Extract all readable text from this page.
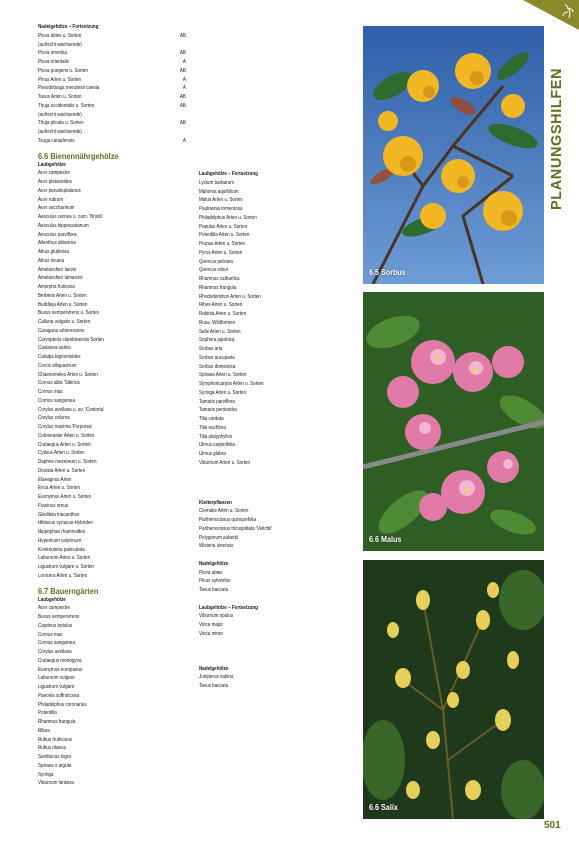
PLANUNGSHILFEN
Nadelgehölze – Fortsetzung
Picea abies u. Sorten	AB
(aufrecht wachsende)
Picea omorika	AB
Picea orientalis	A
Picea pungens u. Sorten	AB
Pinus Arten u. Sorten	A
Pseudotsuga menziesii caesia	A
Taxus Arten u. Sorten	AB
Thuja occidentalis u. Sorten	AB
(aufrecht wachsende)
Thuja plicata u. Sorten	AB
(aufrecht wachsende)
Tsuga canadensis	A
6.6 Bienennährgehölze
Laubgehölze
Acer campestre
Acer platanoides
Acer pseudoplatanus
Acer rubrum
Acer saccharinum
Aesculus carnea u. carn. 'Briotii'
Aesculus hippocastanum
Aesculus parviflora
Ailanthus altissima
Alnus glutinosa
Alnus incana
Amelanchier laevis
Amelanchier lamarckii
Amorpha fruticosa
Berberis Arten u. Sorten
Buddleja Arten u. Sorten
Buxus sempervirens u. Sorten
Calluna vulgaris u. Sorten
Caragana arborescens
Caryopteris clandonensis Sorten
Castanea sativa
Catalpa bignonioides
Cercis siliquastrum
Chaenomeles Arten u. Sorten
Cornus alba 'Sibirica
Cornus mas
Cornus sanguinea
Corylus avellana u. av. 'Contorta'
Corylus colurna
Corylus maxima 'Purpurea'
Cotoneaster Arten u. Sorten
Crataegus Arten u. Sorten
Cytisus Arten u. Sorten
Daphne mezereum u. Sorten
Deutzia Arten u. Sorten
Elaeagnus Arten
Erica Arten u. Sorten
Euonymus Arten u. Sorten
Fraxinus ornus
Gleditsia triacanthos
Hibiscus syriacus-Hybriden
Hippophae rhamnoides
Hypericum calycinum
Koelreuteria paniculata
Laburnum Arten u. Sorten
Ligustrum vulgare u. Sorten
Lonicera Arten u. Sorten
6.7 Bauerngärten
Laubgehölze
Acer campestre
Buxus sempervirens
Carpinus betulus
Cornus mas
Cornus sanguinea
Corylus avellana
Crataegus monogyna
Euonymus europaeus
Laburnum vulgare
Ligustrum vulgare
Paeonia suffruticosa
Philadelphus coronarius
Potentilla
Rhamnus frangula
Ribes
Rubus fruticosus
Rubus idaeus
Sambucus nigra
Spiraea x arguta
Syringa
Viburnum lantana
Laubgehölze – Fortsetzung
Lycium barbarum
Mahonia aquifolium
Malus Arten u. Sorten
Paulownia tomentosa
Philadelphus Arten u. Sorten
Populus Arten u. Sorten
Potentilla Arten u. Sorten
Prunus Arten u. Sorten
Pyrus Arten u. Sorten
Quercus petraea
Quercus robur
Rhamnus cathartica
Rhamnus frangula
Rhododendron Arten u. Sorten
Ribes Arten u. Sorten
Robinia Arten u. Sorten
Rosa, Wildformen
Salix Arten u. Sorten
Sophora japonica
Sorbus aria
Sorbus aucuparia
Sorbus domestica
Spiraea Arten u. Sorten
Symphoricarpos Arten u. Sorten
Syringa Arten u. Sorten
Tamarix parviflora
Tamarix pentandra
Tilia cordata
Tilia euchlora
Tilia platyphyllos
Ulmus carpinifolia
Ulmus glabra
Viburnum Arten u. Sorten
Kletterpflanzen
Clematis Arten u. Sorten
Parthenocissus quinquefolia
Parthenocissus tricuspidata 'Veitchii'
Polygonum aubertii
Wisteria sinensis
Nadelgehölze
Picea abies
Pinus sylvestris
Taxus baccata
Laubgehölze – Fortsetzung
Viburnum opulus
Vinca major
Vinca minor
Nadelgehölze
Juniperus sabina
Taxus baccata
6.5 Sorbus
6.6 Malus
6.6 Salix
501
